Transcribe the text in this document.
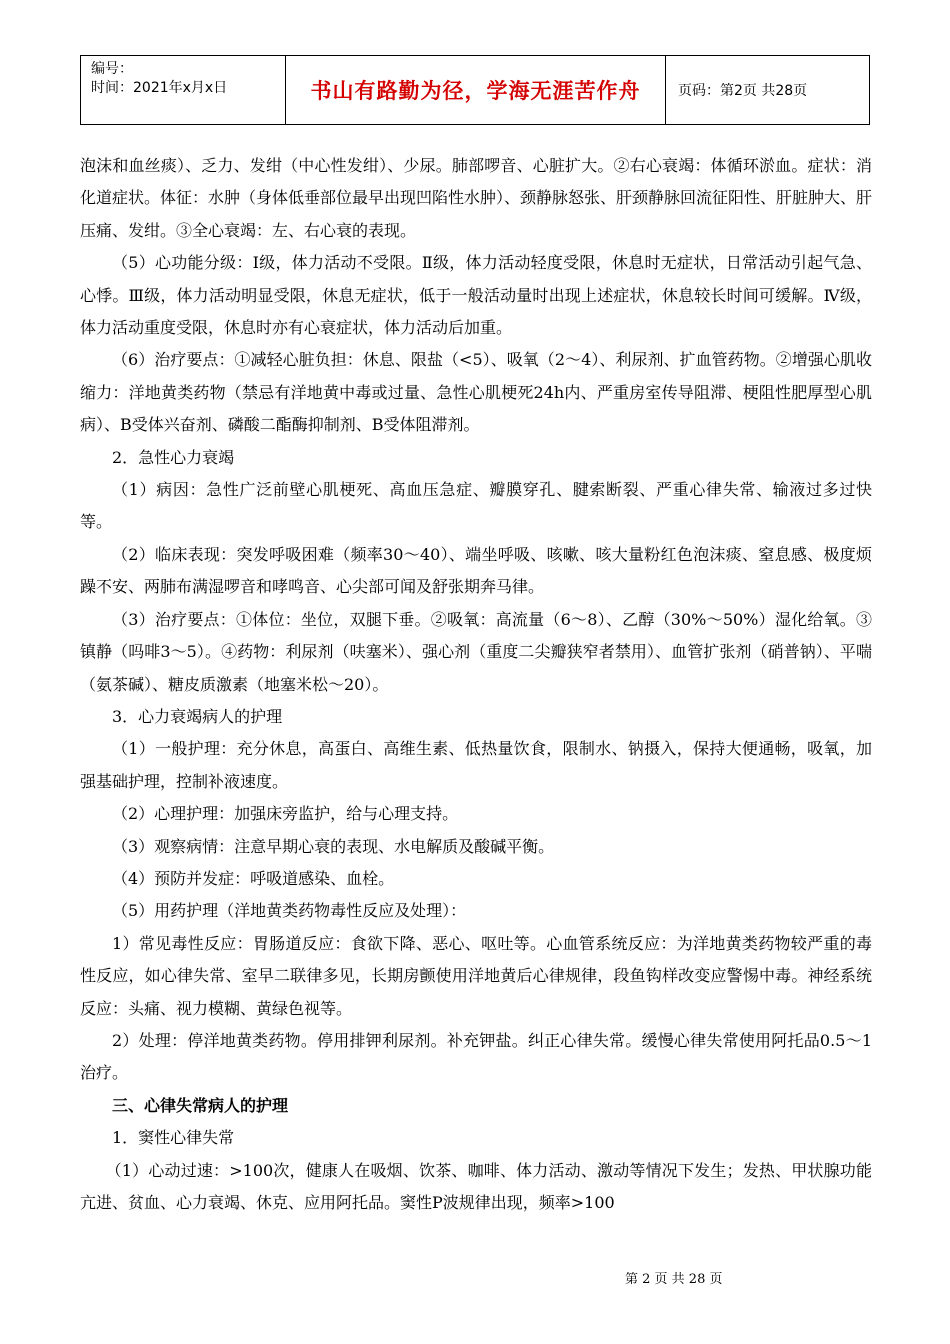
编号：
时间：2021年x月x日	书山有路勤为径，学海无涯苦作舟	页码：第2页 共28页

泡沫和血丝痰）、乏力、发绀（中心性发绀）、少尿。肺部啰音、心脏扩大。②右心衰竭：体循环淤血。症状：消化道症状。体征：水肿（身体低垂部位最早出现凹陷性水肿）、颈静脉怒张、肝颈静脉回流征阳性、肝脏肿大、肝压痛、发绀。③全心衰竭：左、右心衰的表现。

（5）心功能分级：Ⅰ级，体力活动不受限。Ⅱ级，体力活动轻度受限，休息时无症状，日常活动引起气急、心悸。Ⅲ级，体力活动明显受限，休息无症状，低于一般活动量时出现上述症状，休息较长时间可缓解。Ⅳ级，体力活动重度受限，休息时亦有心衰症状，体力活动后加重。

（6）治疗要点：①减轻心脏负担：休息、限盐（<5）、吸氧（2～4）、利尿剂、扩血管药物。②增强心肌收缩力：洋地黄类药物（禁忌有洋地黄中毒或过量、急性心肌梗死24h内、严重房室传导阻滞、梗阻性肥厚型心肌病）、B受体兴奋剂、磷酸二酯酶抑制剂、B受体阻滞剂。

2．急性心力衰竭

（1）病因：急性广泛前壁心肌梗死、高血压急症、瓣膜穿孔、腱索断裂、严重心律失常、输液过多过快等。

（2）临床表现：突发呼吸困难（频率30～40）、端坐呼吸、咳嗽、咳大量粉红色泡沫痰、窒息感、极度烦躁不安、两肺布满湿啰音和哮鸣音、心尖部可闻及舒张期奔马律。

（3）治疗要点：①体位：坐位，双腿下垂。②吸氧：高流量（6～8）、乙醇（30%～50%）湿化给氧。③镇静（吗啡3～5）。④药物：利尿剂（呋塞米）、强心剂（重度二尖瓣狭窄者禁用）、血管扩张剂（硝普钠）、平喘（氨茶碱）、糖皮质激素（地塞米松～20）。

3．心力衰竭病人的护理

（1）一般护理：充分休息，高蛋白、高维生素、低热量饮食，限制水、钠摄入，保持大便通畅，吸氧，加强基础护理，控制补液速度。

（2）心理护理：加强床旁监护，给与心理支持。

（3）观察病情：注意早期心衰的表现、水电解质及酸碱平衡。

（4）预防并发症：呼吸道感染、血栓。

（5）用药护理（洋地黄类药物毒性反应及处理）：

1）常见毒性反应：胃肠道反应：食欲下降、恶心、呕吐等。心血管系统反应：为洋地黄类药物较严重的毒性反应，如心律失常、室早二联律多见，长期房颤使用洋地黄后心律规律，段鱼钩样改变应警惕中毒。神经系统反应：头痛、视力模糊、黄绿色视等。

2）处理：停洋地黄类药物。停用排钾利尿剂。补充钾盐。纠正心律失常。缓慢心律失常使用阿托品0.5～1治疗。

三、心律失常病人的护理

1．窦性心律失常

（1）心动过速：>100次，健康人在吸烟、饮茶、咖啡、体力活动、激动等情况下发生；发热、甲状腺功能亢进、贫血、心力衰竭、休克、应用阿托品。窦性P波规律出现，频率>100

第 2 页 共 28 页
